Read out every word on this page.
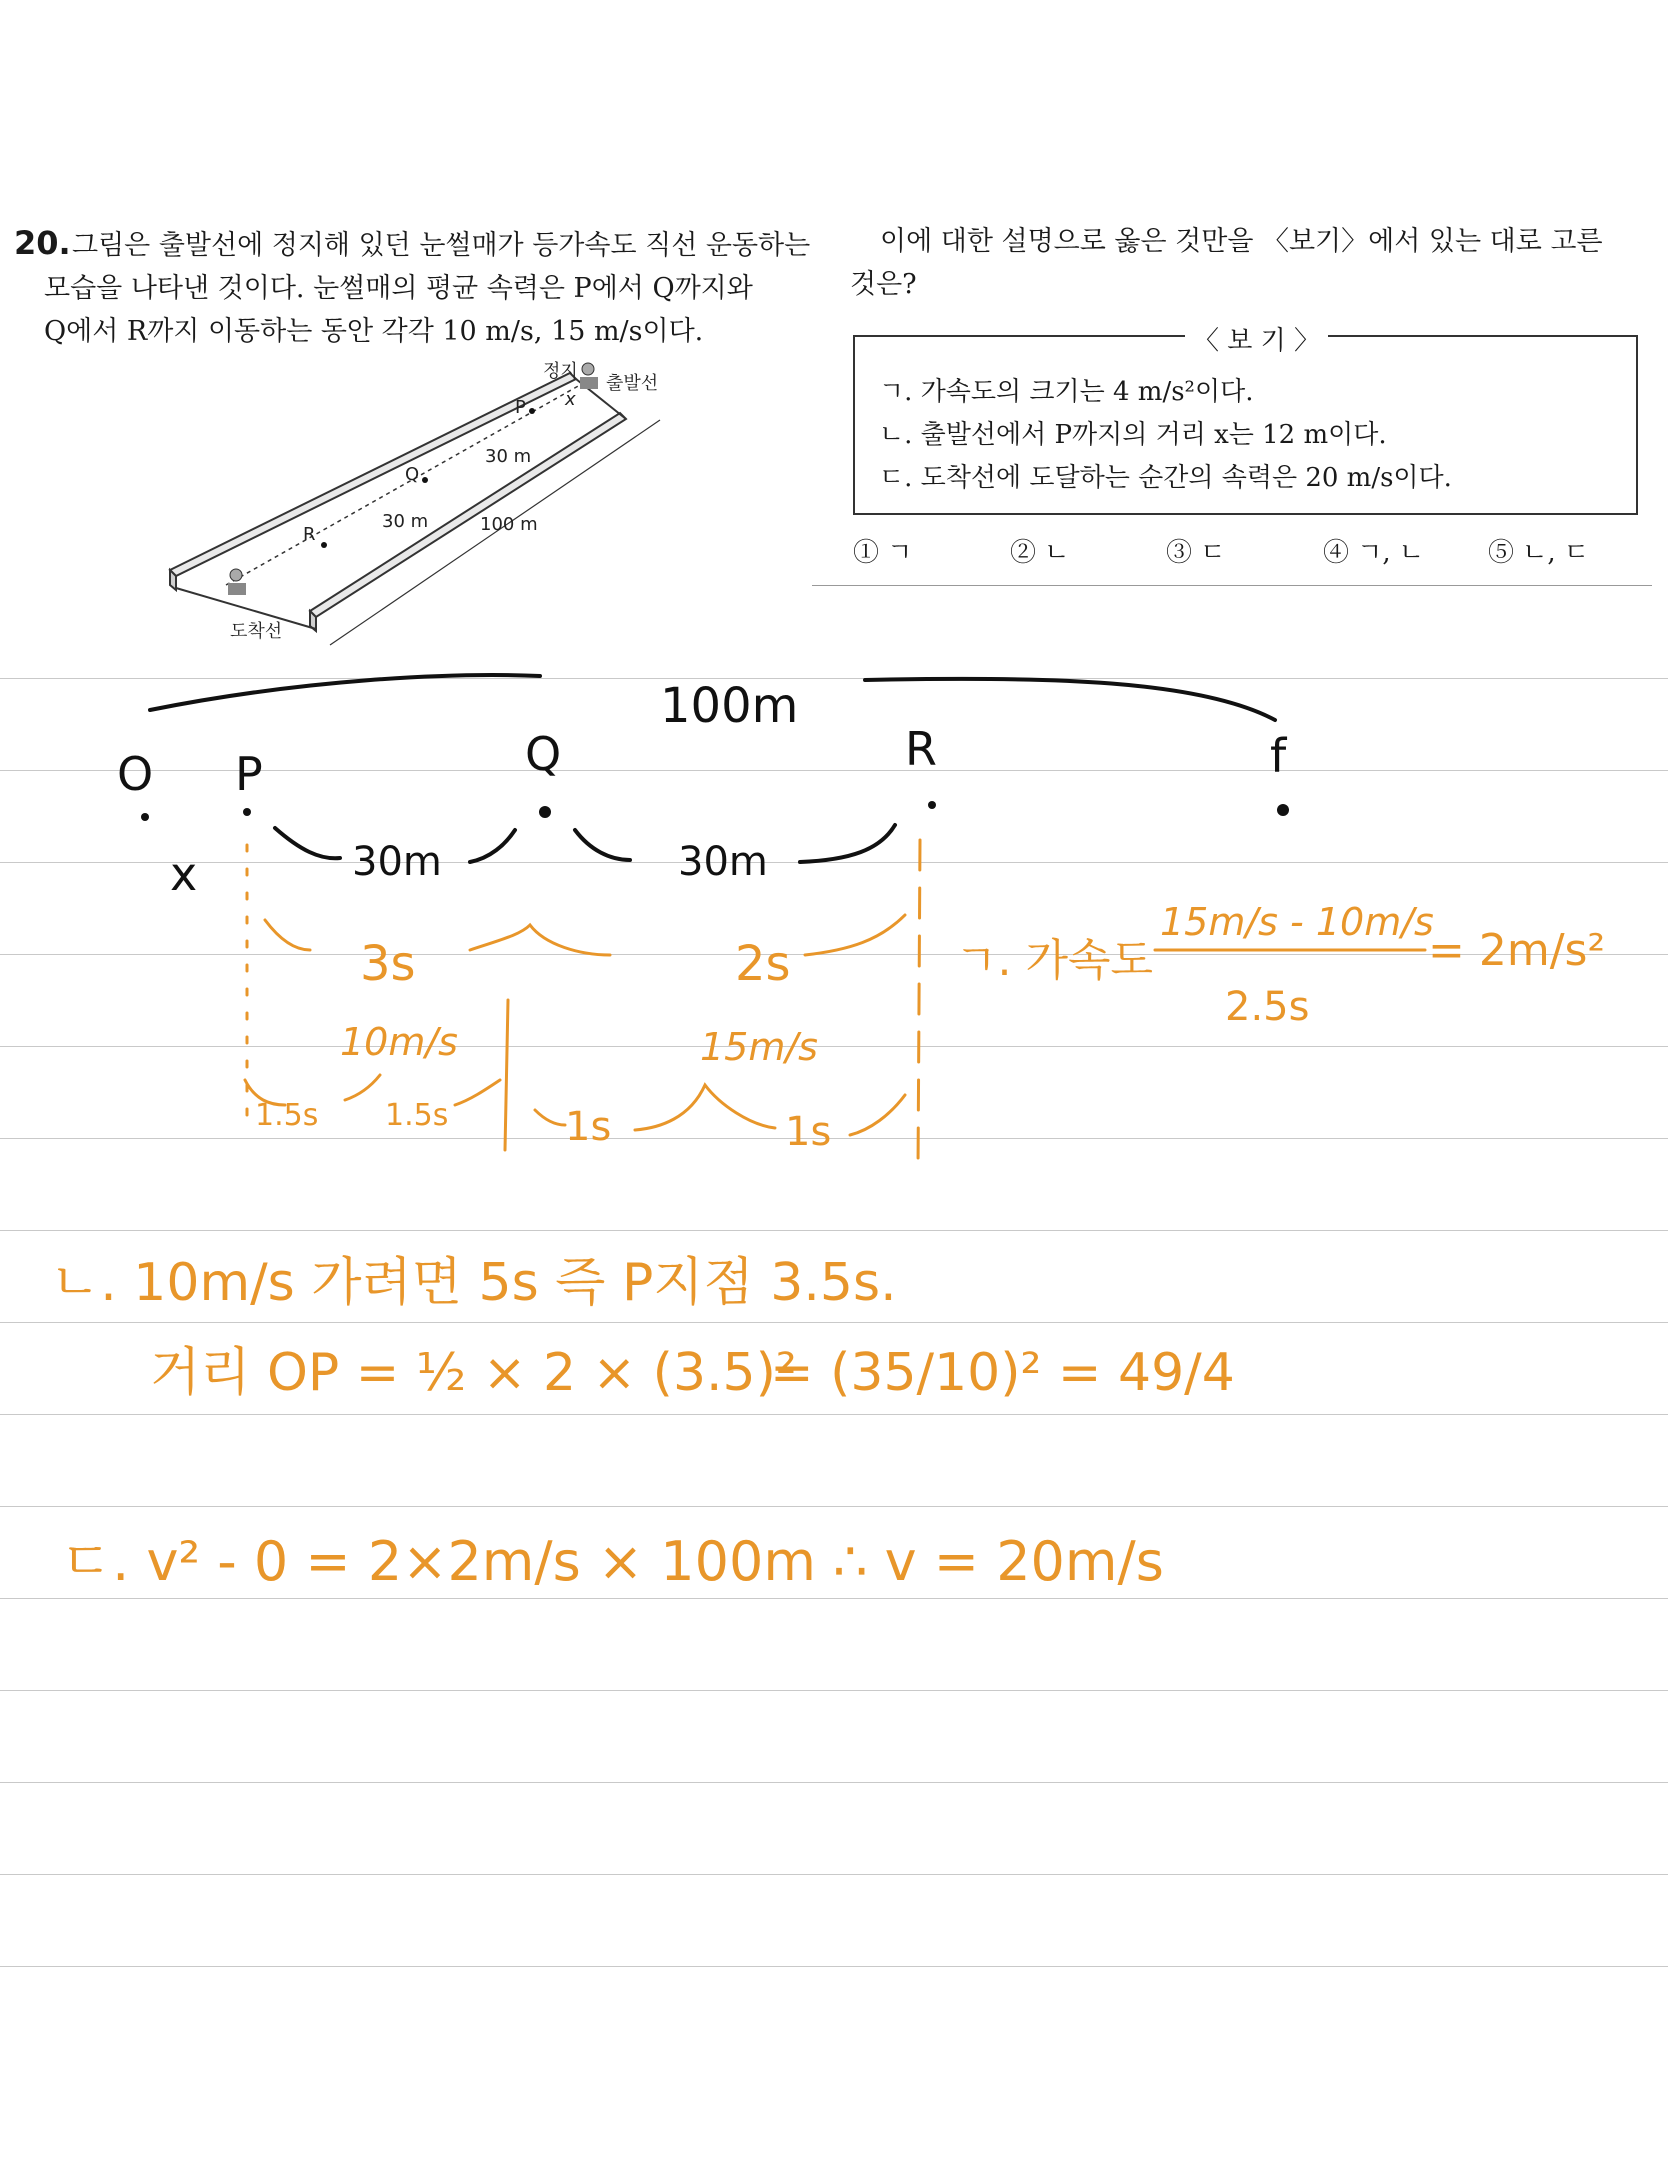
20. 그림은 출발선에 정지해 있던 눈썰매가 등가속도 직선 운동하는
모습을 나타낸 것이다. 눈썰매의 평균 속력은 P에서 Q까지와
Q에서 R까지 이동하는 동안 각각 10 m/s, 15 m/s이다.
이에 대한 설명으로 옳은 것만을 〈보기〉에서 있는 대로 고른
것은?
〈 보 기 〉
ㄱ. 가속도의 크기는 4 m/s²이다.
ㄴ. 출발선에서 P까지의 거리 x는 12 m이다.
ㄷ. 도착선에 도달하는 순간의 속력은 20 m/s이다.
① ㄱ	② ㄴ	③ ㄷ	④ ㄱ, ㄴ ⑤ ㄴ, ㄷ
정지
출발선
도착선
P
Q
R
x
30 m
30 m	100 m
100m
O P	Q	R	f
x	30m	30m
3s	2s
10m/s	15m/s
1.5s 1.5s	1s	1s
ㄱ. 가속도
15m/s - 10m/s
2.5s
= 2m/s²
ㄴ. 10m/s 가려면 5s 즉 P지점 3.5s.
거리 OP = ½ × 2 × (3.5)²
= (35/10)² = 49/4
ㄷ. v² - 0 = 2×2m/s × 100m ∴ v = 20m/s
